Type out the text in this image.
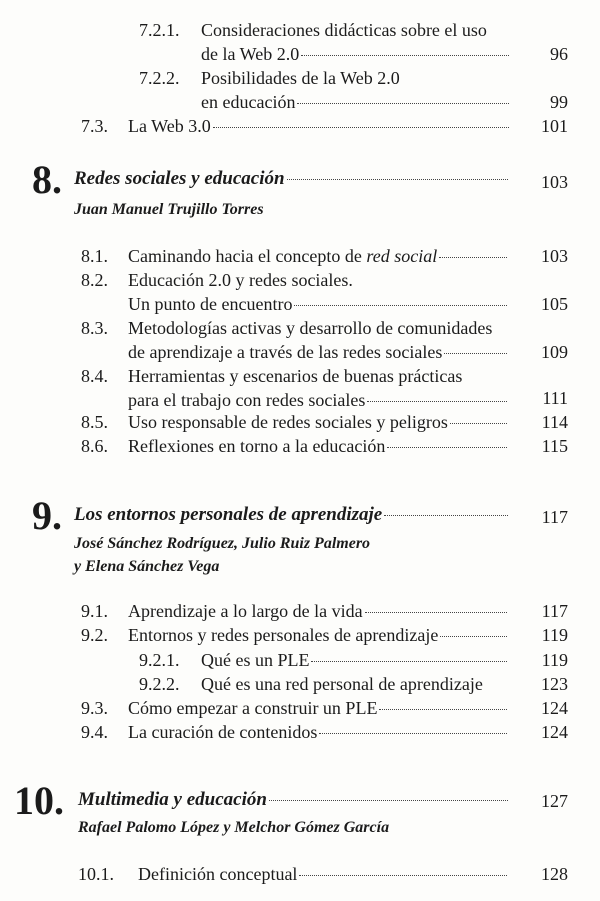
7.2.1. Consideraciones didácticas sobre el uso
de la Web 2.0	96
7.2.2. Posibilidades de la Web 2.0
en educación	99
7.3. La Web 3.0	101
8. Redes sociales y educación	103
Juan Manuel Trujillo Torres
8.1. Caminando hacia el concepto de red social	103
8.2. Educación 2.0 y redes sociales.
Un punto de encuentro	105
8.3. Metodologías activas y desarrollo de comunidades
de aprendizaje a través de las redes sociales	109
8.4. Herramientas y escenarios de buenas prácticas
para el trabajo con redes sociales	111
8.5. Uso responsable de redes sociales y peligros	114
8.6. Reflexiones en torno a la educación	115
9. Los entornos personales de aprendizaje	117
José Sánchez Rodríguez, Julio Ruiz Palmero
y Elena Sánchez Vega
9.1. Aprendizaje a lo largo de la vida	117
9.2. Entornos y redes personales de aprendizaje	119
9.2.1. Qué es un PLE	119
9.2.2. Qué es una red personal de aprendizaje	123
9.3. Cómo empezar a construir un PLE	124
9.4. La curación de contenidos	124
10. Multimedia y educación	127
Rafael Palomo López y Melchor Gómez García
10.1. Definición conceptual	128
